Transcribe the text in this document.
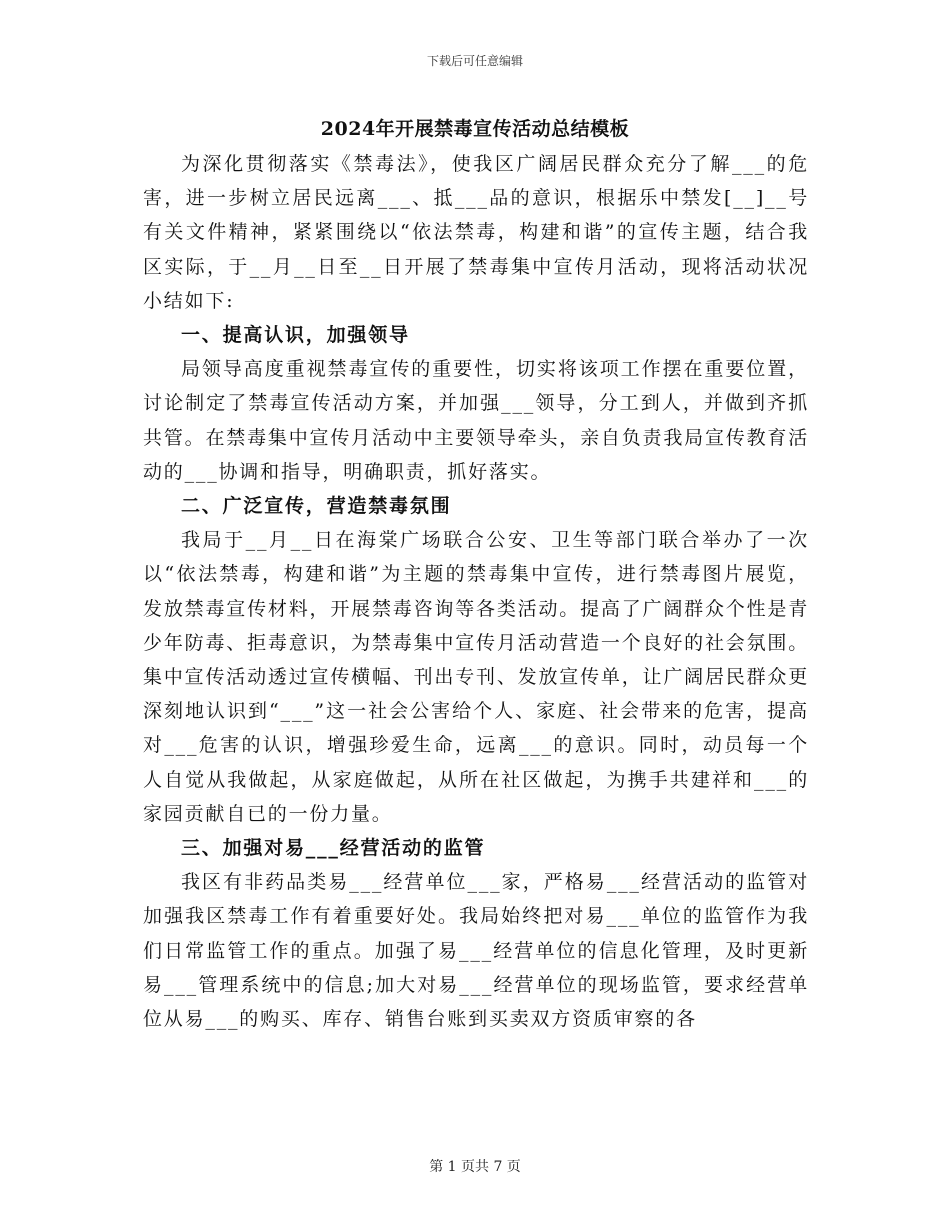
下载后可任意编辑
2024年开展禁毒宣传活动总结模板

为深化贯彻落实《禁毒法》，使我区广阔居民群众充分了解___的危害，进一步树立居民远离___、抵___品的意识，根据乐中禁发[__]__号有关文件精神，紧紧围绕以“依法禁毒，构建和谐”的宣传主题，结合我区实际，于__月__日至__日开展了禁毒集中宣传月活动，现将活动状况小结如下:

一、提高认识，加强领导

局领导高度重视禁毒宣传的重要性，切实将该项工作摆在重要位置，讨论制定了禁毒宣传活动方案，并加强___领导，分工到人，并做到齐抓共管。在禁毒集中宣传月活动中主要领导牵头，亲自负责我局宣传教育活动的___协调和指导，明确职责，抓好落实。

二、广泛宣传，营造禁毒氛围

我局于__月__日在海棠广场联合公安、卫生等部门联合举办了一次以“依法禁毒，构建和谐”为主题的禁毒集中宣传，进行禁毒图片展览，发放禁毒宣传材料，开展禁毒咨询等各类活动。提高了广阔群众个性是青少年防毒、拒毒意识，为禁毒集中宣传月活动营造一个良好的社会氛围。集中宣传活动透过宣传横幅、刊出专刊、发放宣传单，让广阔居民群众更深刻地认识到“___”这一社会公害给个人、家庭、社会带来的危害，提高对___危害的认识，增强珍爱生命，远离___的意识。同时，动员每一个人自觉从我做起，从家庭做起，从所在社区做起，为携手共建祥和___的家园贡献自已的一份力量。

三、加强对易___经营活动的监管

我区有非药品类易___经营单位___家，严格易___经营活动的监管对加强我区禁毒工作有着重要好处。我局始终把对易___单位的监管作为我们日常监管工作的重点。加强了易___经营单位的信息化管理，及时更新易___管理系统中的信息;加大对易___经营单位的现场监管，要求经营单位从易___的购买、库存、销售台账到买卖双方资质审察的各

第 1 页共 7 页
